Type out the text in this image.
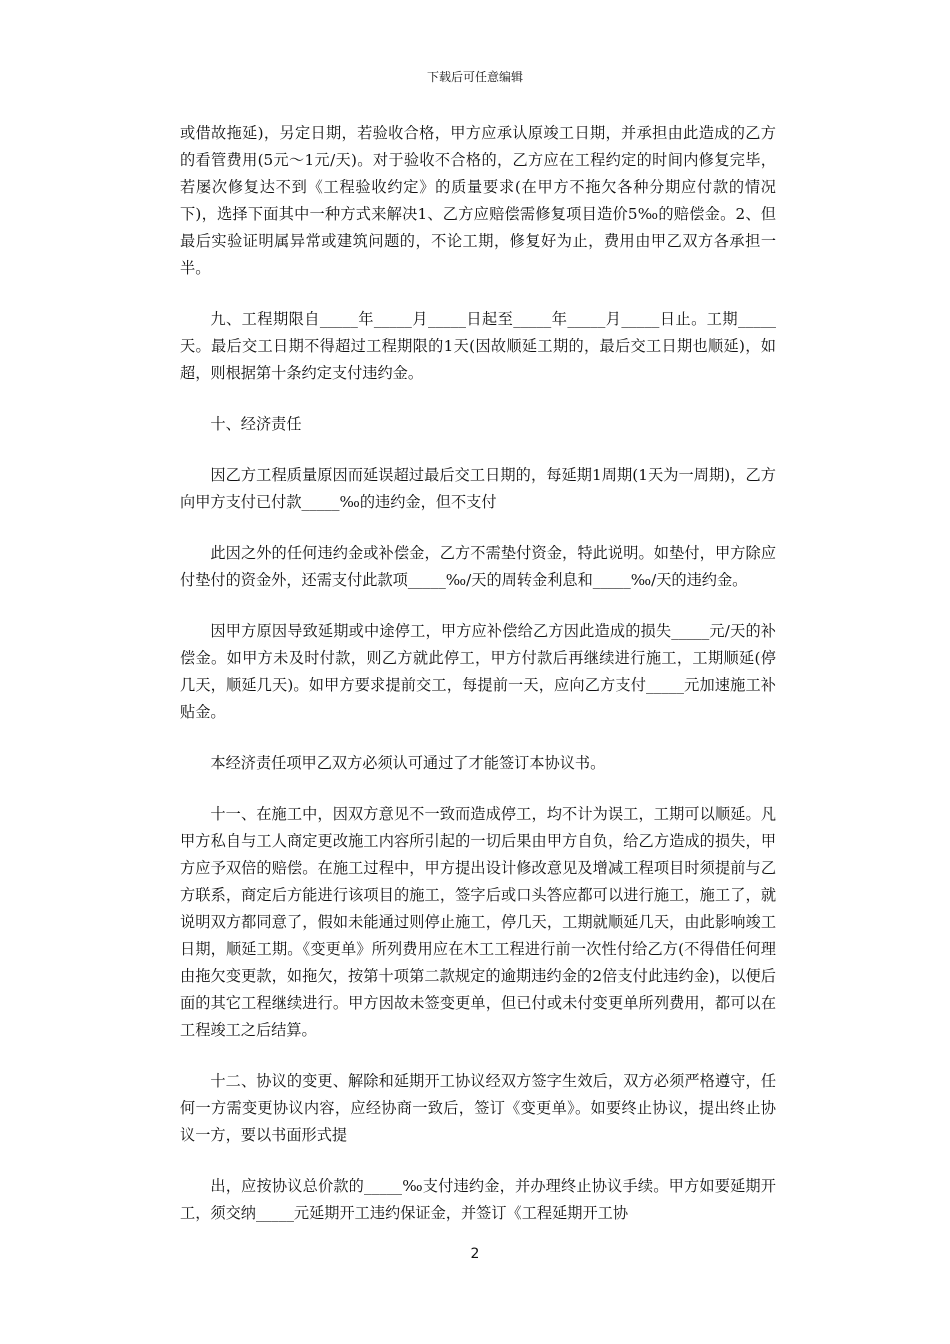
下载后可任意编辑

或借故拖延)，另定日期，若验收合格，甲方应承认原竣工日期，并承担由此造成的乙方的看管费用(5元～1元/天)。对于验收不合格的，乙方应在工程约定的时间内修复完毕，若屡次修复达不到《工程验收约定》的质量要求(在甲方不拖欠各种分期应付款的情况下)，选择下面其中一种方式来解决1、乙方应赔偿需修复项目造价5‰的赔偿金。2、但最后实验证明属异常或建筑问题的，不论工期，修复好为止，费用由甲乙双方各承担一半。

九、工程期限自_____年_____月_____日起至_____年_____月_____日止。工期_____天。最后交工日期不得超过工程期限的1天(因故顺延工期的，最后交工日期也顺延)，如超，则根据第十条约定支付违约金。

十、经济责任

因乙方工程质量原因而延误超过最后交工日期的，每延期1周期(1天为一周期)，乙方向甲方支付已付款_____‰的违约金，但不支付

此因之外的任何违约金或补偿金，乙方不需垫付资金，特此说明。如垫付，甲方除应付垫付的资金外，还需支付此款项_____‰/天的周转金利息和_____‰/天的违约金。

因甲方原因导致延期或中途停工，甲方应补偿给乙方因此造成的损失_____元/天的补偿金。如甲方未及时付款，则乙方就此停工，甲方付款后再继续进行施工，工期顺延(停几天，顺延几天)。如甲方要求提前交工，每提前一天，应向乙方支付_____元加速施工补贴金。

本经济责任项甲乙双方必须认可通过了才能签订本协议书。

十一、在施工中，因双方意见不一致而造成停工，均不计为误工，工期可以顺延。凡甲方私自与工人商定更改施工内容所引起的一切后果由甲方自负，给乙方造成的损失，甲方应予双倍的赔偿。在施工过程中，甲方提出设计修改意见及增减工程项目时须提前与乙方联系，商定后方能进行该项目的施工，签字后或口头答应都可以进行施工，施工了，就说明双方都同意了，假如未能通过则停止施工，停几天，工期就顺延几天，由此影响竣工日期，顺延工期。《变更单》所列费用应在木工工程进行前一次性付给乙方(不得借任何理由拖欠变更款，如拖欠，按第十项第二款规定的逾期违约金的2倍支付此违约金)，以便后面的其它工程继续进行。甲方因故未签变更单，但已付或未付变更单所列费用，都可以在工程竣工之后结算。

十二、协议的变更、解除和延期开工协议经双方签字生效后，双方必须严格遵守，任何一方需变更协议内容，应经协商一致后，签订《变更单》。如要终止协议，提出终止协议一方，要以书面形式提

出，应按协议总价款的_____‰支付违约金，并办理终止协议手续。甲方如要延期开工，须交纳_____元延期开工违约保证金，并签订《工程延期开工协

2
